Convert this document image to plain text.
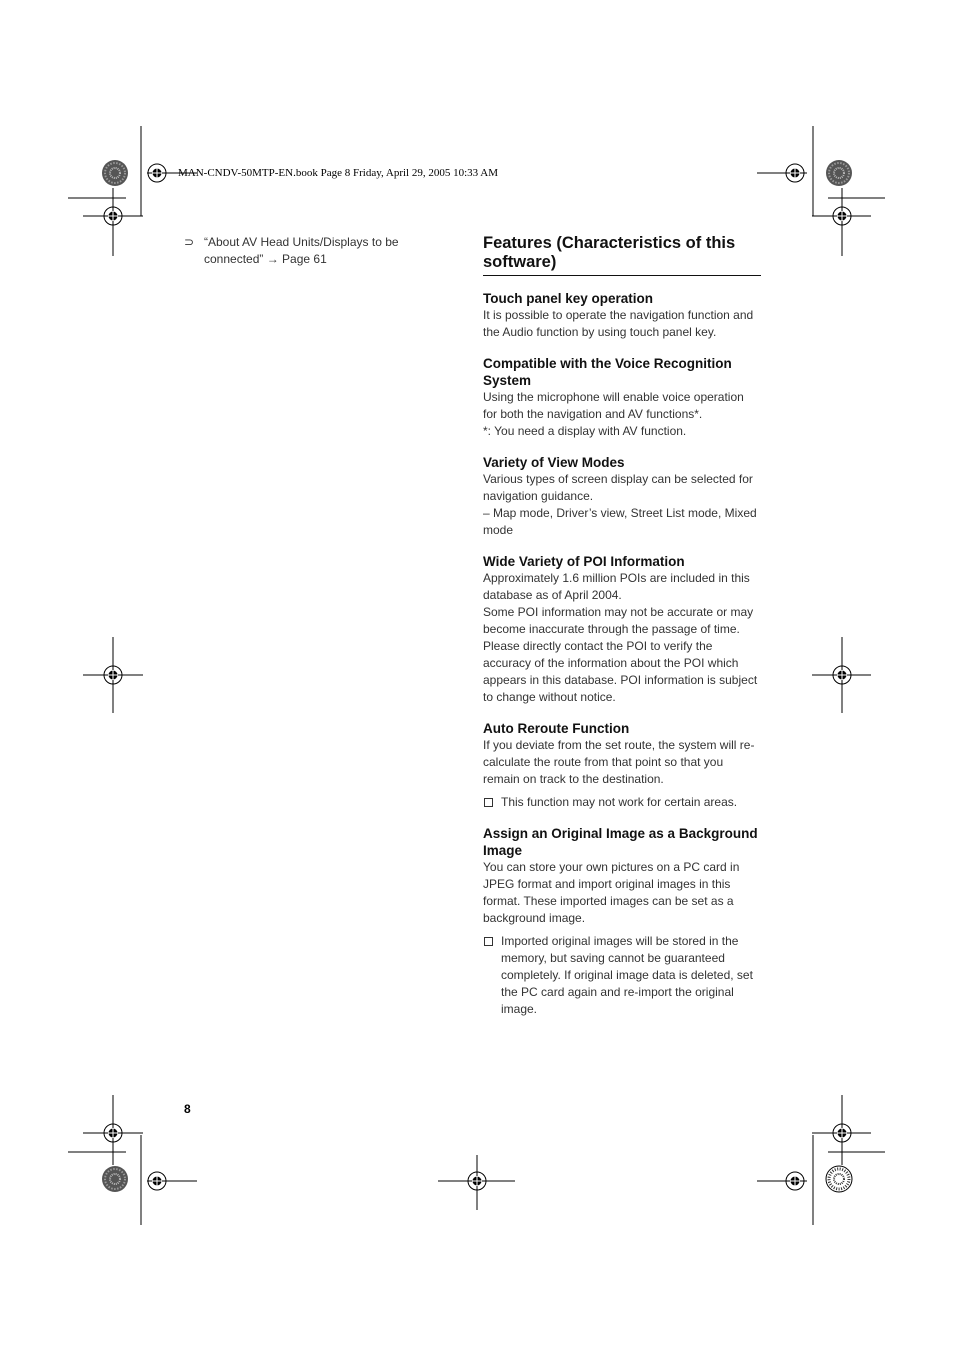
MAN-CNDV-50MTP-EN.book Page 8 Friday, April 29, 2005 10:33 AM
⊃ “About AV Head Units/Displays to be connected” → Page 61
Features (Characteristics of this software)
Touch panel key operation

It is possible to operate the navigation function and the Audio function by using touch panel key.

Compatible with the Voice Recognition System

Using the microphone will enable voice operation for both the navigation and AV functions*.

*: You need a display with AV function.

Variety of View Modes

Various types of screen display can be selected for navigation guidance.

– Map mode, Driver’s view, Street List mode, Mixed mode

Wide Variety of POI Information

Approximately 1.6 million POIs are included in this database as of April 2004.

Some POI information may not be accurate or may become inaccurate through the passage of time. Please directly contact the POI to verify the accuracy of the information about the POI which appears in this database. POI information is subject to change without notice.

Auto Reroute Function

If you deviate from the set route, the system will re-calculate the route from that point so that you remain on track to the destination.

This function may not work for certain areas.
Assign an Original Image as a Background Image

You can store your own pictures on a PC card in JPEG format and import original images in this format. These imported images can be set as a background image.

Imported original images will be stored in the memory, but saving cannot be guaranteed completely. If original image data is deleted, set the PC card again and re-import the original image.
8
